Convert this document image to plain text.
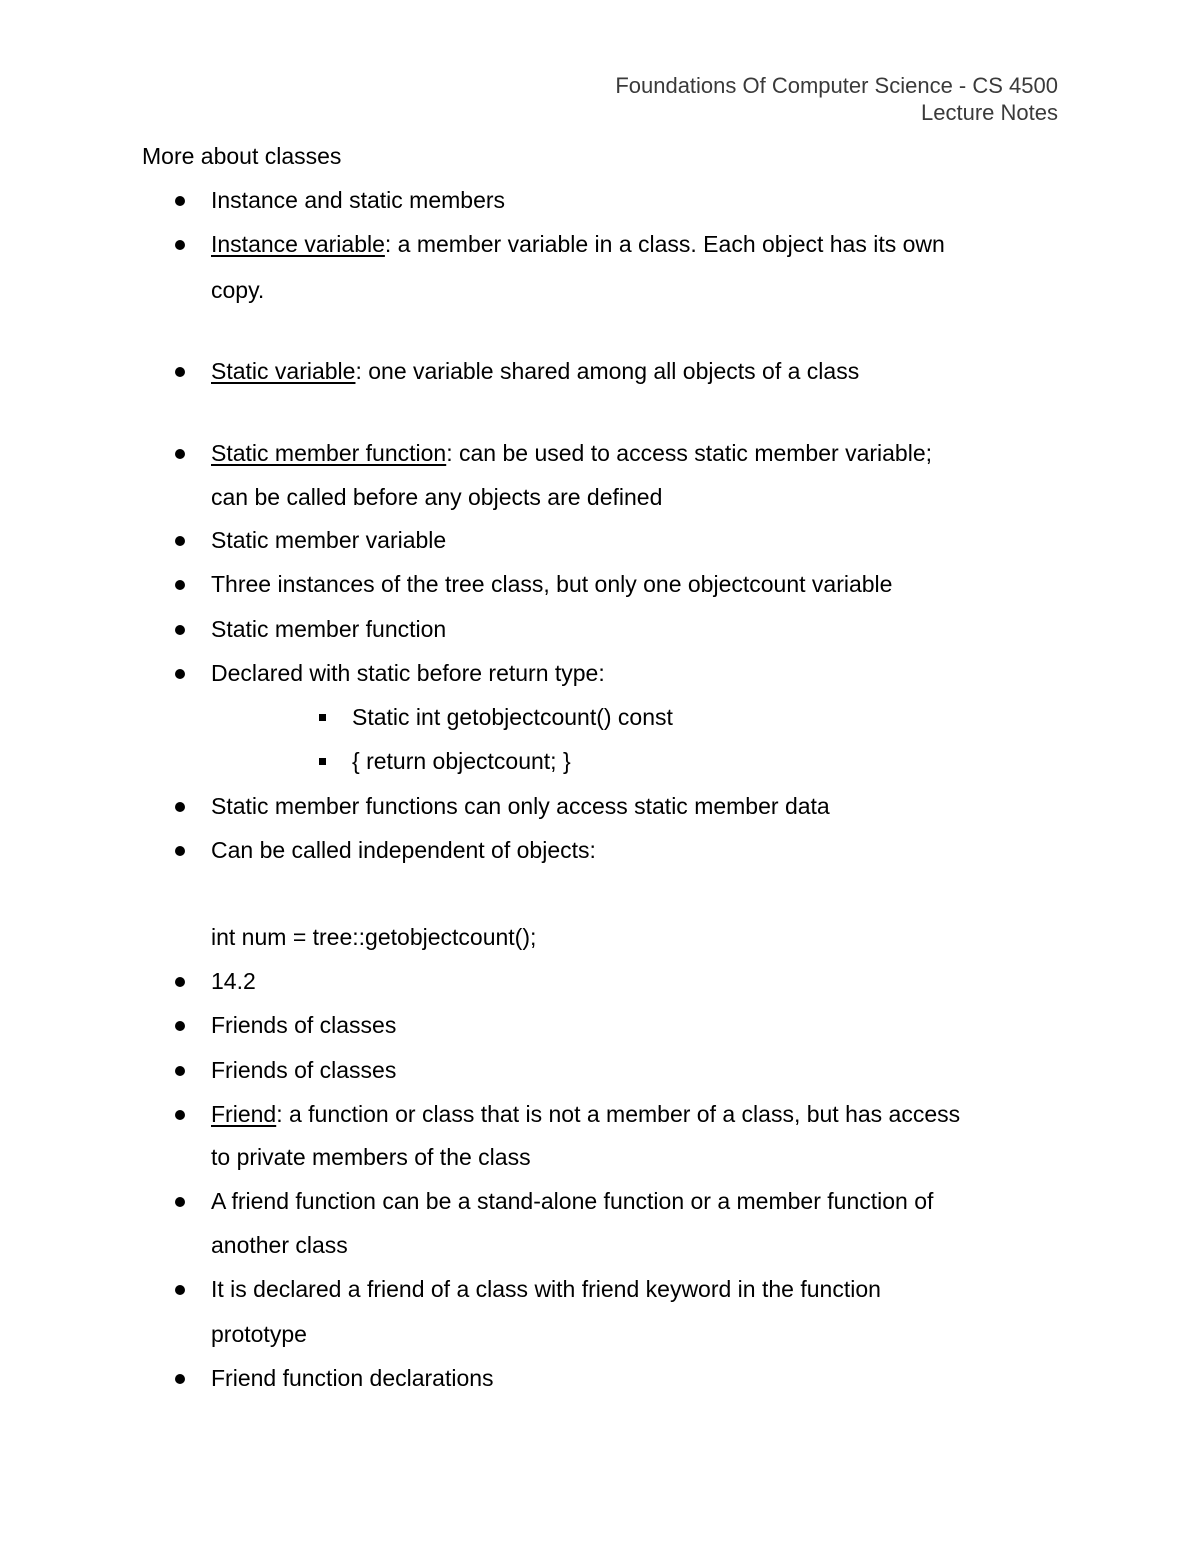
Foundations Of Computer Science - CS 4500
Lecture Notes
More about classes
Instance and static members
Instance variable: a member variable in a class. Each object has its own
copy.
Static variable: one variable shared among all objects of a class
Static member function: can be used to access static member variable;
can be called before any objects are defined
Static member variable
Three instances of the tree class, but only one objectcount variable
Static member function
Declared with static before return type:
Static int getobjectcount() const
{ return objectcount; }
Static member functions can only access static member data
Can be called independent of objects:
int num = tree::getobjectcount();
14.2
Friends of classes
Friends of classes
Friend: a function or class that is not a member of a class, but has access
to private members of the class
A friend function can be a stand-alone function or a member function of
another class
It is declared a friend of a class with friend keyword in the function
prototype
Friend function declarations
